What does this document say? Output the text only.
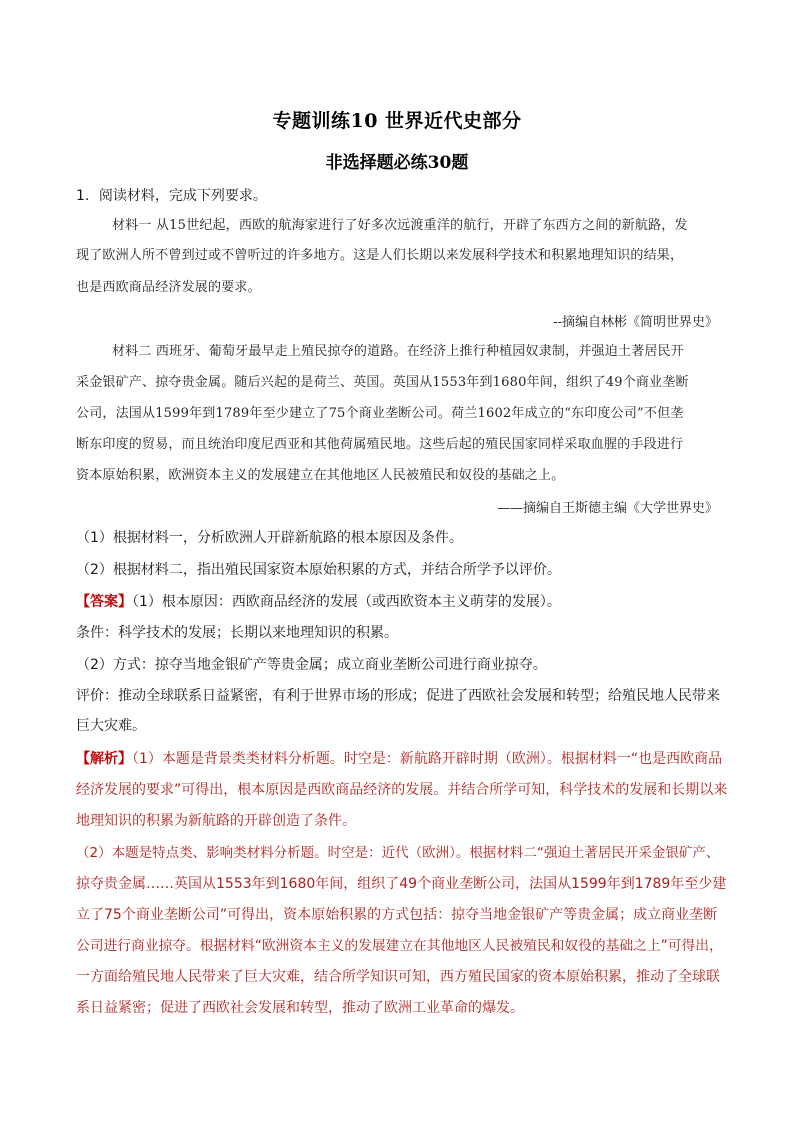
专题训练10 世界近代史部分
非选择题必练30题
1．阅读材料，完成下列要求。
材料一 从15世纪起，西欧的航海家进行了好多次远渡重洋的航行，开辟了东西方之间的新航路，发
现了欧洲人所不曾到过或不曾听过的许多地方。这是人们长期以来发展科学技术和积累地理知识的结果，
也是西欧商品经济发展的要求。
--摘编自林彬《简明世界史》
材料二 西班牙、葡萄牙最早走上殖民掠夺的道路。在经济上推行种植园奴隶制，并强迫土著居民开
采金银矿产、掠夺贵金属。随后兴起的是荷兰、英国。英国从1553年到1680年间，组织了49个商业垄断
公司，法国从1599年到1789年至少建立了75个商业垄断公司。荷兰1602年成立的“东印度公司”不但垄
断东印度的贸易，而且统治印度尼西亚和其他荷属殖民地。这些后起的殖民国家同样采取血腥的手段进行
资本原始积累，欧洲资本主义的发展建立在其他地区人民被殖民和奴役的基础之上。
——摘编自王斯德主编《大学世界史》
（1）根据材料一，分析欧洲人开辟新航路的根本原因及条件。
（2）根据材料二，指出殖民国家资本原始积累的方式，并结合所学予以评价。
【答案】（1）根本原因：西欧商品经济的发展（或西欧资本主义萌芽的发展）。
条件：科学技术的发展；长期以来地理知识的积累。
（2）方式：掠夺当地金银矿产等贵金属；成立商业垄断公司进行商业掠夺。
评价：推动全球联系日益紧密，有利于世界市场的形成；促进了西欧社会发展和转型；给殖民地人民带来
巨大灾难。
【解析】（1）本题是背景类类材料分析题。时空是：新航路开辟时期（欧洲）。根据材料一“也是西欧商品
经济发展的要求”可得出，根本原因是西欧商品经济的发展。并结合所学可知，科学技术的发展和长期以来
地理知识的积累为新航路的开辟创造了条件。
（2）本题是特点类、影响类材料分析题。时空是：近代（欧洲）。根据材料二“强迫土著居民开采金银矿产、
掠夺贵金属……英国从1553年到1680年间，组织了49个商业垄断公司，法国从1599年到1789年至少建
立了75个商业垄断公司”可得出，资本原始积累的方式包括：掠夺当地金银矿产等贵金属；成立商业垄断
公司进行商业掠夺。根据材料“欧洲资本主义的发展建立在其他地区人民被殖民和奴役的基础之上”可得出，
一方面给殖民地人民带来了巨大灾难，结合所学知识可知，西方殖民国家的资本原始积累，推动了全球联
系日益紧密；促进了西欧社会发展和转型，推动了欧洲工业革命的爆发。
